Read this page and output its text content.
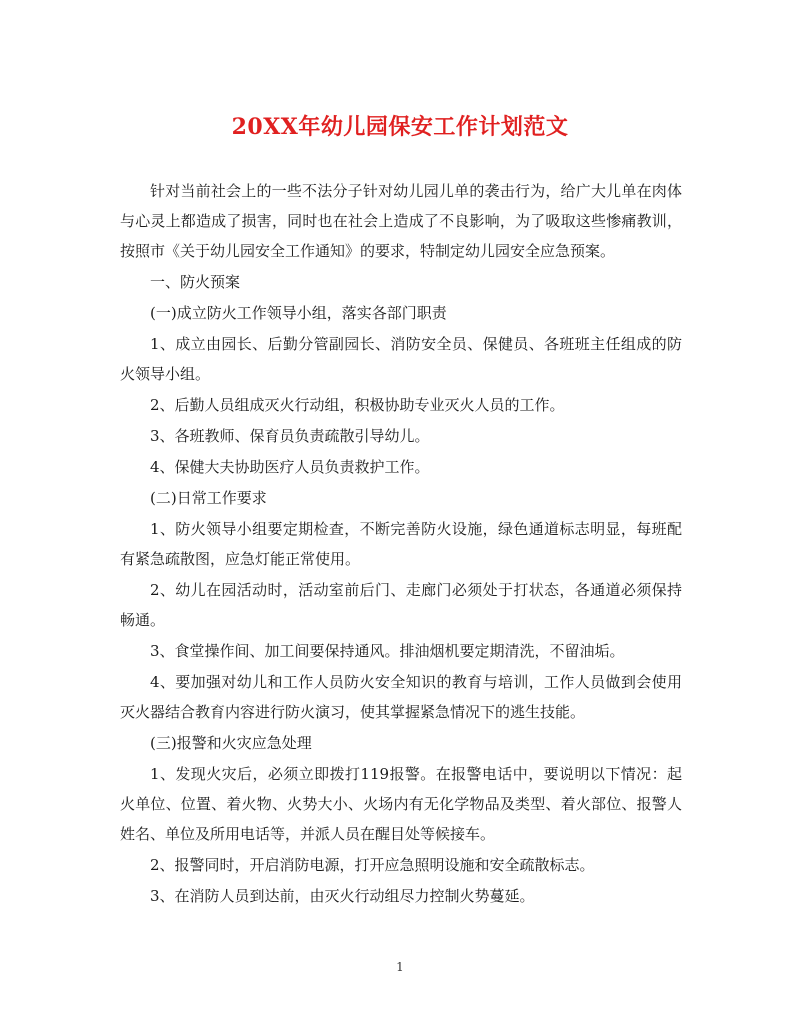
20XX年幼儿园保安工作计划范文

针对当前社会上的一些不法分子针对幼儿园儿单的袭击行为，给广大儿单在肉体与心灵上都造成了损害，同时也在社会上造成了不良影响，为了吸取这些惨痛教训，按照市《关于幼儿园安全工作通知》的要求，特制定幼儿园安全应急预案。

一、防火预案

(一)成立防火工作领导小组，落实各部门职责

1、成立由园长、后勤分管副园长、消防安全员、保健员、各班班主任组成的防火领导小组。

2、后勤人员组成灭火行动组，积极协助专业灭火人员的工作。

3、各班教师、保育员负责疏散引导幼儿。

4、保健大夫协助医疗人员负责救护工作。

(二)日常工作要求

1、防火领导小组要定期检查，不断完善防火设施，绿色通道标志明显，每班配有紧急疏散图，应急灯能正常使用。

2、幼儿在园活动时，活动室前后门、走廊门必须处于打状态，各通道必须保持畅通。

3、食堂操作间、加工间要保持通风。排油烟机要定期清洗，不留油垢。

4、要加强对幼儿和工作人员防火安全知识的教育与培训，工作人员做到会使用灭火器结合教育内容进行防火演习，使其掌握紧急情况下的逃生技能。

(三)报警和火灾应急处理

1、发现火灾后，必须立即拨打119报警。在报警电话中，要说明以下情况：起火单位、位置、着火物、火势大小、火场内有无化学物品及类型、着火部位、报警人姓名、单位及所用电话等，并派人员在醒目处等候接车。

2、报警同时，开启消防电源，打开应急照明设施和安全疏散标志。

3、在消防人员到达前，由灭火行动组尽力控制火势蔓延。

1
